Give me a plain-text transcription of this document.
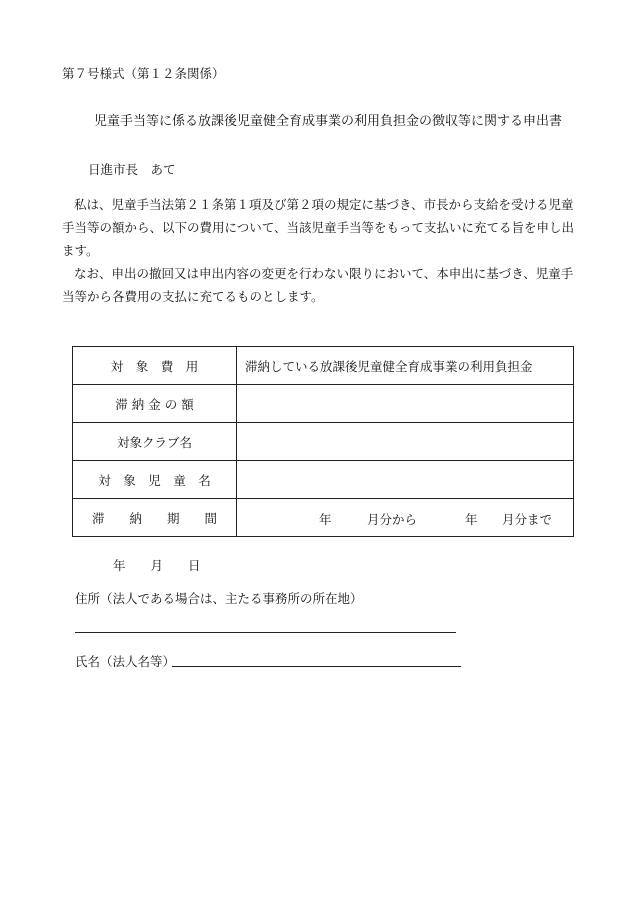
第７号様式（第１２条関係）
児童手当等に係る放課後児童健全育成事業の利用負担金の徴収等に関する申出書
日進市長　あて
私は、児童手当法第２１条第１項及び第２項の規定に基づき、市長から支給を受ける児童手当等の額から、以下の費用について、当該児童手当等をもって支払いに充てる旨を申し出ます。
なお、申出の撤回又は申出内容の変更を行わない限りにおいて、本申出に基づき、児童手当等から各費用の支払に充てるものとします。
対　象　費　用	滞納している放課後児童健全育成事業の利用負担金
滞 納 金 の 額	
対象クラブ名	
対　象　児　童　名	
滞　　納　　期　　間	年 月分から 年 月分まで
年　　月　　日
住所（法人である場合は、主たる事務所の所在地）
氏名（法人名等）
